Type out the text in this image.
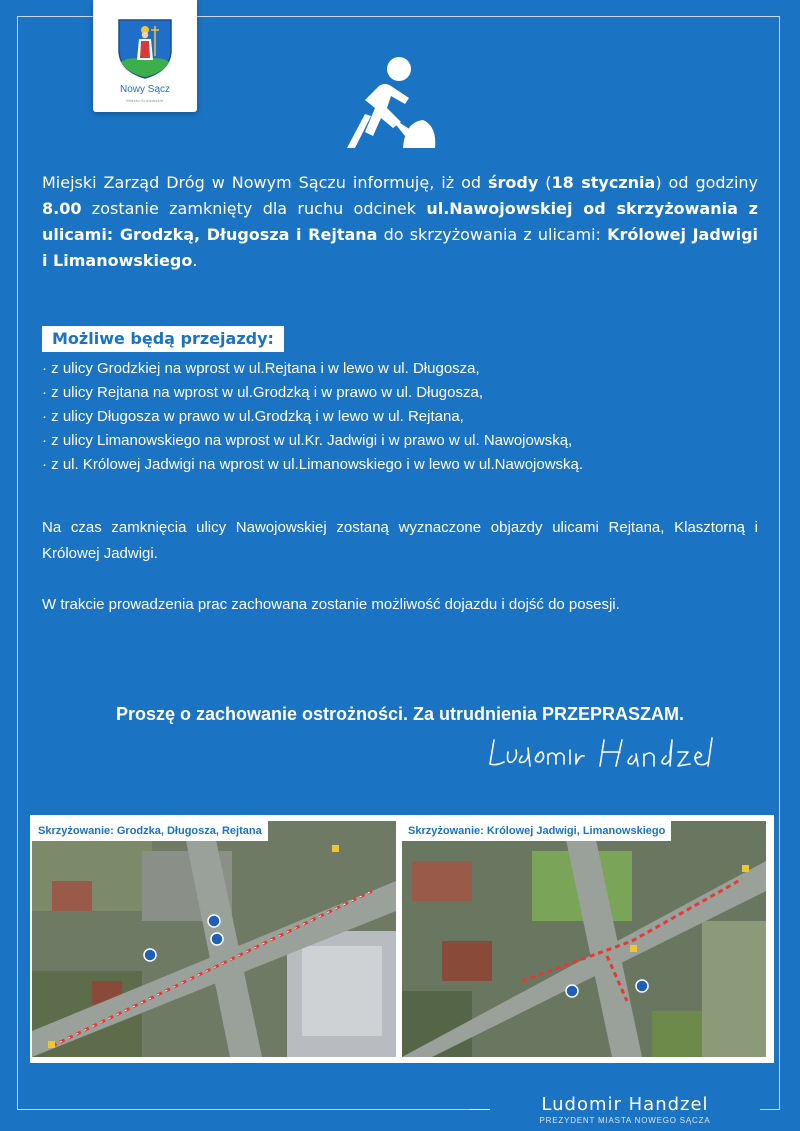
Nowy Sącz
Miasto Królewskie
Miejski Zarząd Dróg w Nowym Sączu informuję, iż od środy (18 stycznia) od godziny 8.00 zostanie zamknięty dla ruchu odcinek ul.Nawojowskiej od skrzyżowania z ulicami: Grodzką, Długosza i Rejtana do skrzyżowania z ulicami: Królowej Jadwigi i Limanowskiego.
Możliwe będą przejazdy:
· z ulicy Grodzkiej na wprost w ul.Rejtana i w lewo w ul. Długosza,
· z ulicy Rejtana na wprost w ul.Grodzką i w prawo w ul. Długosza,
· z ulicy Długosza w prawo w ul.Grodzką i w lewo w ul. Rejtana,
· z ulicy Limanowskiego na wprost w ul.Kr. Jadwigi i w prawo w ul. Nawojowską,
· z ul. Królowej Jadwigi na wprost w ul.Limanowskiego i w lewo w ul.Nawojowską.
Na czas zamknięcia ulicy Nawojowskiej zostaną wyznaczone objazdy ulicami Rejtana, Klasztorną i Królowej Jadwigi.
W trakcie prowadzenia prac zachowana zostanie możliwość dojazdu i dojść do posesji.
Proszę o zachowanie ostrożności. Za utrudnienia PRZEPRASZAM.
Skrzyżowanie: Grodzka, Długosza, Rejtana	Skrzyżowanie: Królowej Jadwigi, Limanowskiego
Ludomir Handzel
PREZYDENT MIASTA NOWEGO SĄCZA
